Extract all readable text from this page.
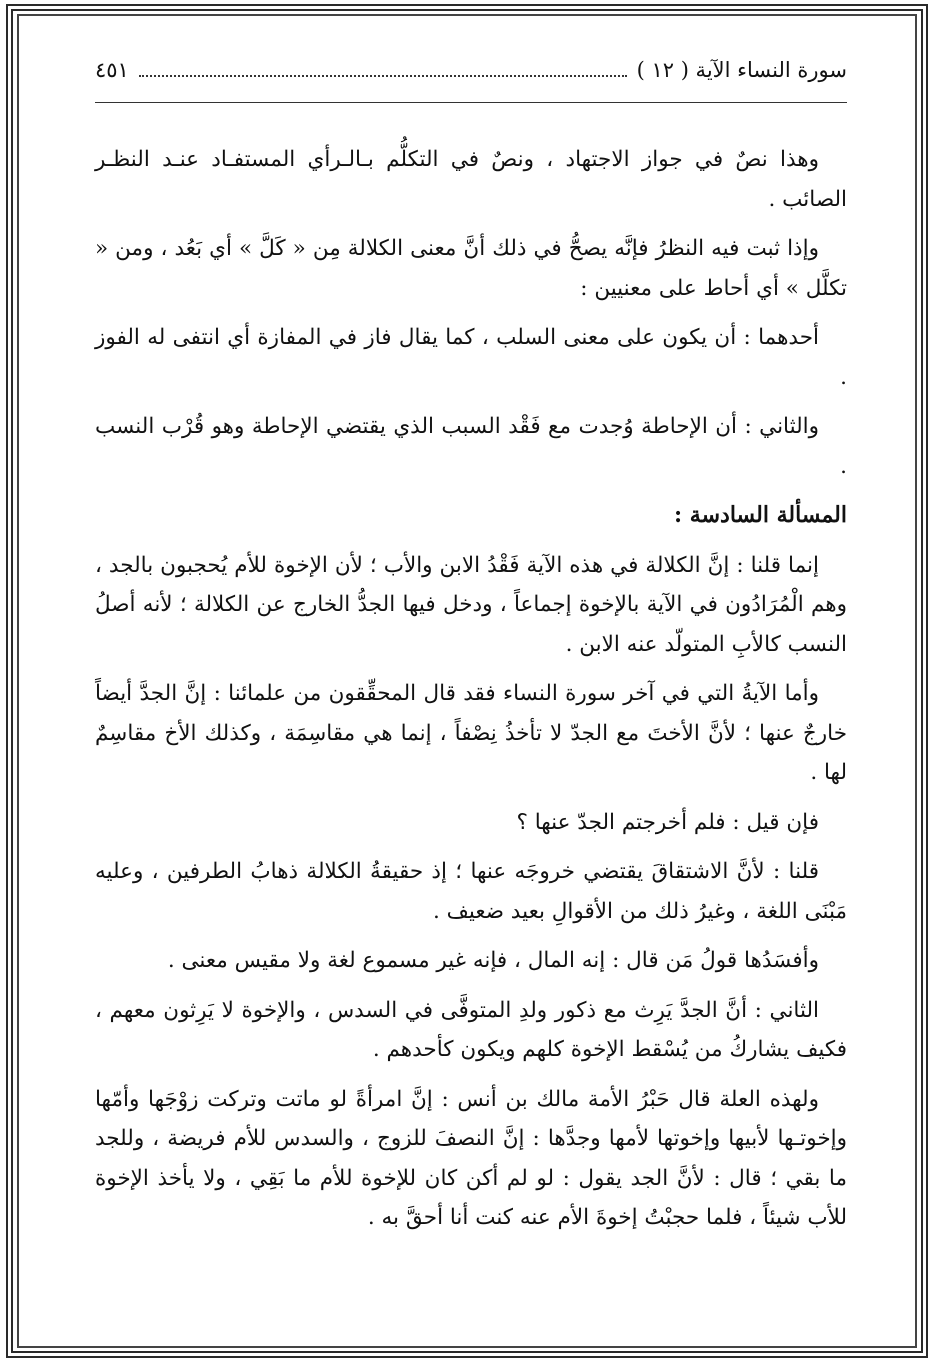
سورة النساء الآية ( ١٢ )
٤٥١

وهذا نصٌ في جواز الاجتهاد ، ونصٌ في التكلُّم بـالـرأي المستفـاد عنـد النظـر الصائب .

وإذا ثبت فيه النظرُ فإنَّه يصحُّ في ذلك أنَّ معنى الكلالة مِن « كَلَّ » أي بَعُد ، ومن « تكلَّل » أي أحاط على معنيين :

أحدهما : أن يكون على معنى السلب ، كما يقال فاز في المفازة أي انتفى له الفوز .

والثاني : أن الإحاطة وُجدت مع فَقْد السبب الذي يقتضي الإحاطة وهو قُرْب النسب .

المسألة السادسة :

إنما قلنا : إنَّ الكلالة في هذه الآية فَقْدُ الابن والأب ؛ لأن الإخوة للأم يُحجبون بالجد ، وهم الْمُرَادُون في الآية بالإخوة إجماعاً ، ودخل فيها الجدُّ الخارج عن الكلالة ؛ لأنه أصلُ النسب كالأبِ المتولّد عنه الابن .

وأما الآيةُ التي في آخر سورة النساء فقد قال المحقِّقون من علمائنا : إنَّ الجدَّ أيضاً خارجٌ عنها ؛ لأنَّ الأختَ مع الجدّ لا تأخذُ نِصْفاً ، إنما هي مقاسِمَة ، وكذلك الأخ مقاسِمٌ لها .

فإن قيل : فلم أخرجتم الجدّ عنها ؟

قلنا : لأنَّ الاشتقاقَ يقتضي خروجَه عنها ؛ إذ حقيقةُ الكلالة ذهابُ الطرفين ، وعليه مَبْنَى اللغة ، وغيرُ ذلك من الأقوالِ بعيد ضعيف .

وأفسَدُها قولُ مَن قال : إنه المال ، فإنه غير مسموع لغة ولا مقيس معنى .

الثاني : أنَّ الجدَّ يَرِث مع ذكور ولدِ المتوفَّى في السدس ، والإخوة لا يَرِثون معهم ، فكيف يشاركُ من يُسْقط الإخوة كلهم ويكون كأحدهم .

ولهذه العلة قال حَبْرُ الأمة مالك بن أنس : إنَّ امرأةً لو ماتت وتركت زوْجَها وأمّها وإخوتـها لأبيها وإخوتها لأمها وجدَّها : إنَّ النصفَ للزوج ، والسدس للأم فريضة ، وللجد ما بقي ؛ قال : لأنَّ الجد يقول : لو لم أكن كان للإخوة للأم ما بَقِي ، ولا يأخذ الإخوة للأب شيئاً ، فلما حجبْتُ إخوةَ الأم عنه كنت أنا أحقَّ به .
